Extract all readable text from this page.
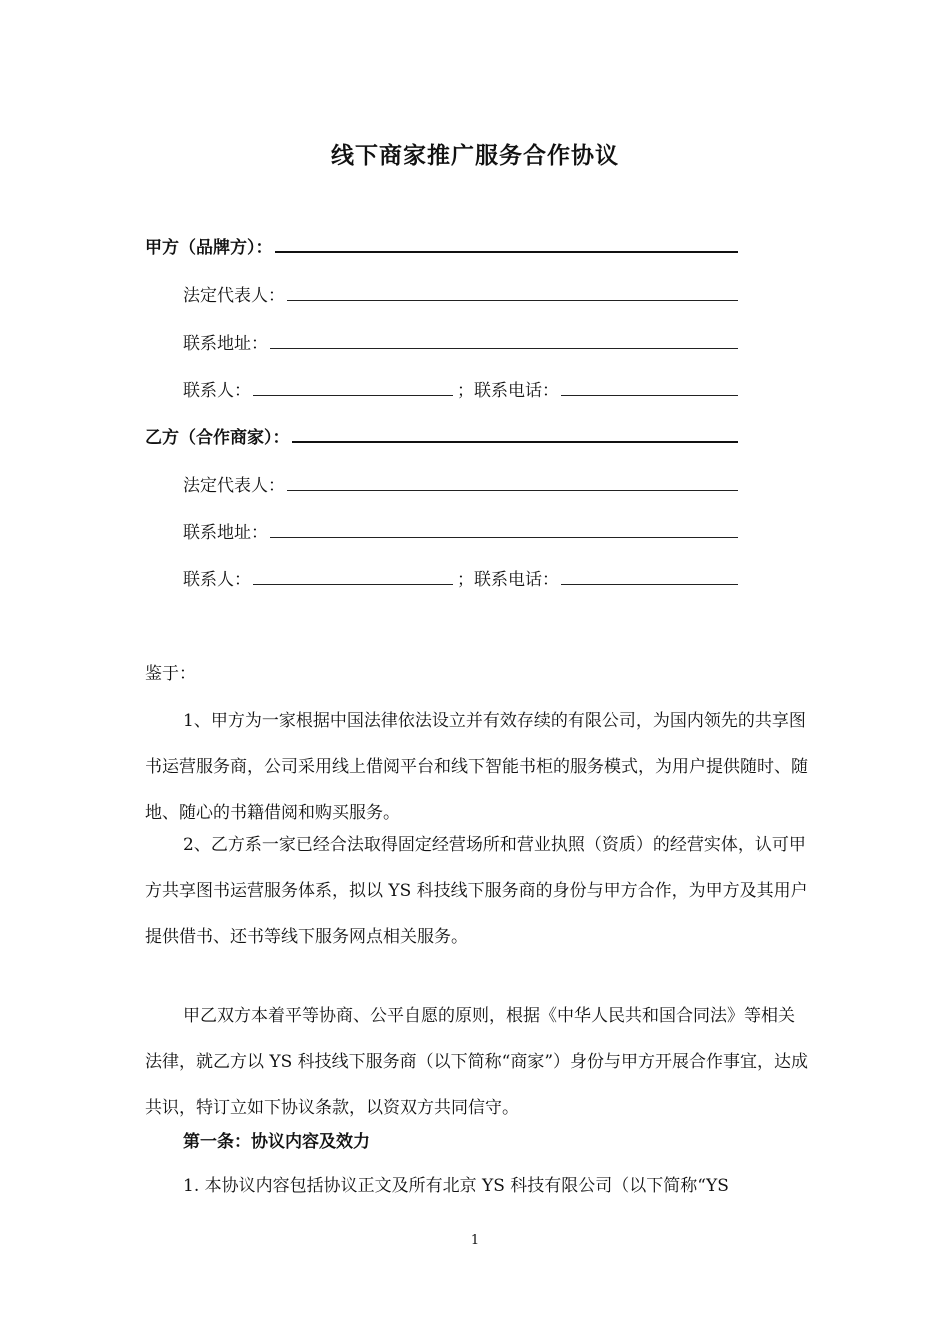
线下商家推广服务合作协议
甲方（品牌方）：
法定代表人：
联系地址：
联系人：	；联系电话：
乙方（合作商家）：
法定代表人：
联系地址：
联系人：	；联系电话：
鉴于：
1、甲方为一家根据中国法律依法设立并有效存续的有限公司，为国内领先的共享图书运营服务商，公司采用线上借阅平台和线下智能书柜的服务模式，为用户提供随时、随地、随心的书籍借阅和购买服务。
2、乙方系一家已经合法取得固定经营场所和营业执照（资质）的经营实体，认可甲方共享图书运营服务体系，拟以 YS 科技线下服务商的身份与甲方合作，为甲方及其用户提供借书、还书等线下服务网点相关服务。
甲乙双方本着平等协商、公平自愿的原则，根据《中华人民共和国合同法》等相关法律，就乙方以 YS 科技线下服务商（以下简称“商家”）身份与甲方开展合作事宜，达成共识，特订立如下协议条款，以资双方共同信守。
第一条：协议内容及效力
1. 本协议内容包括协议正文及所有北京 YS 科技有限公司（以下简称“YS
1
